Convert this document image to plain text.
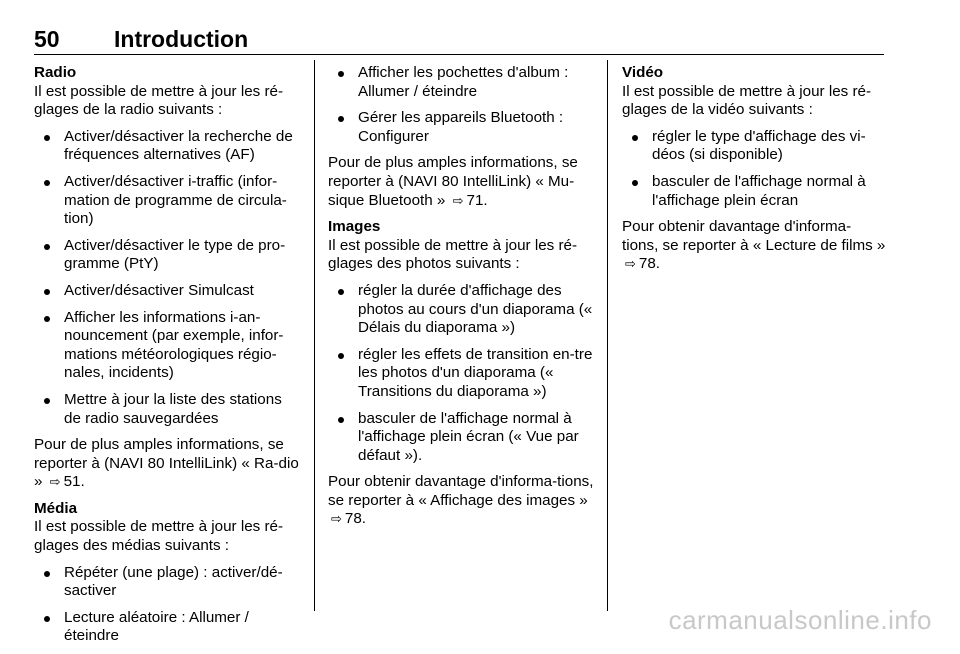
50 Introduction
Radio
Il est possible de mettre à jour les ré-glages de la radio suivants :
Activer/désactiver la recherche de fréquences alternatives (AF)
Activer/désactiver i-traffic (infor-mation de programme de circula-tion)
Activer/désactiver le type de pro-gramme (PtY)
Activer/désactiver Simulcast
Afficher les informations i-an-nouncement (par exemple, infor-mations météorologiques régio-nales, incidents)
Mettre à jour la liste des stations de radio sauvegardées
Pour de plus amples informations, se reporter à (NAVI 80 IntelliLink) « Ra-dio » ⇨ 51.
Média
Il est possible de mettre à jour les ré-glages des médias suivants :
Répéter (une plage) : activer/dé-sactiver
Lecture aléatoire : Allumer / éteindre
Afficher les pochettes d'album : Allumer / éteindre
Gérer les appareils Bluetooth : Configurer
Pour de plus amples informations, se reporter à (NAVI 80 IntelliLink) « Mu-sique Bluetooth » ⇨ 71.
Images
Il est possible de mettre à jour les ré-glages des photos suivants :
régler la durée d'affichage des photos au cours d'un diaporama (« Délais du diaporama »)
régler les effets de transition en-tre les photos d'un diaporama (« Transitions du diaporama »)
basculer de l'affichage normal à l'affichage plein écran (« Vue par défaut »).
Pour obtenir davantage d'informa-tions, se reporter à « Affichage des images » ⇨ 78.
Vidéo
Il est possible de mettre à jour les ré-glages de la vidéo suivants :
régler le type d'affichage des vi-déos (si disponible)
basculer de l'affichage normal à l'affichage plein écran
Pour obtenir davantage d'informa-tions, se reporter à « Lecture de films » ⇨ 78.
carmanualsonline.info
